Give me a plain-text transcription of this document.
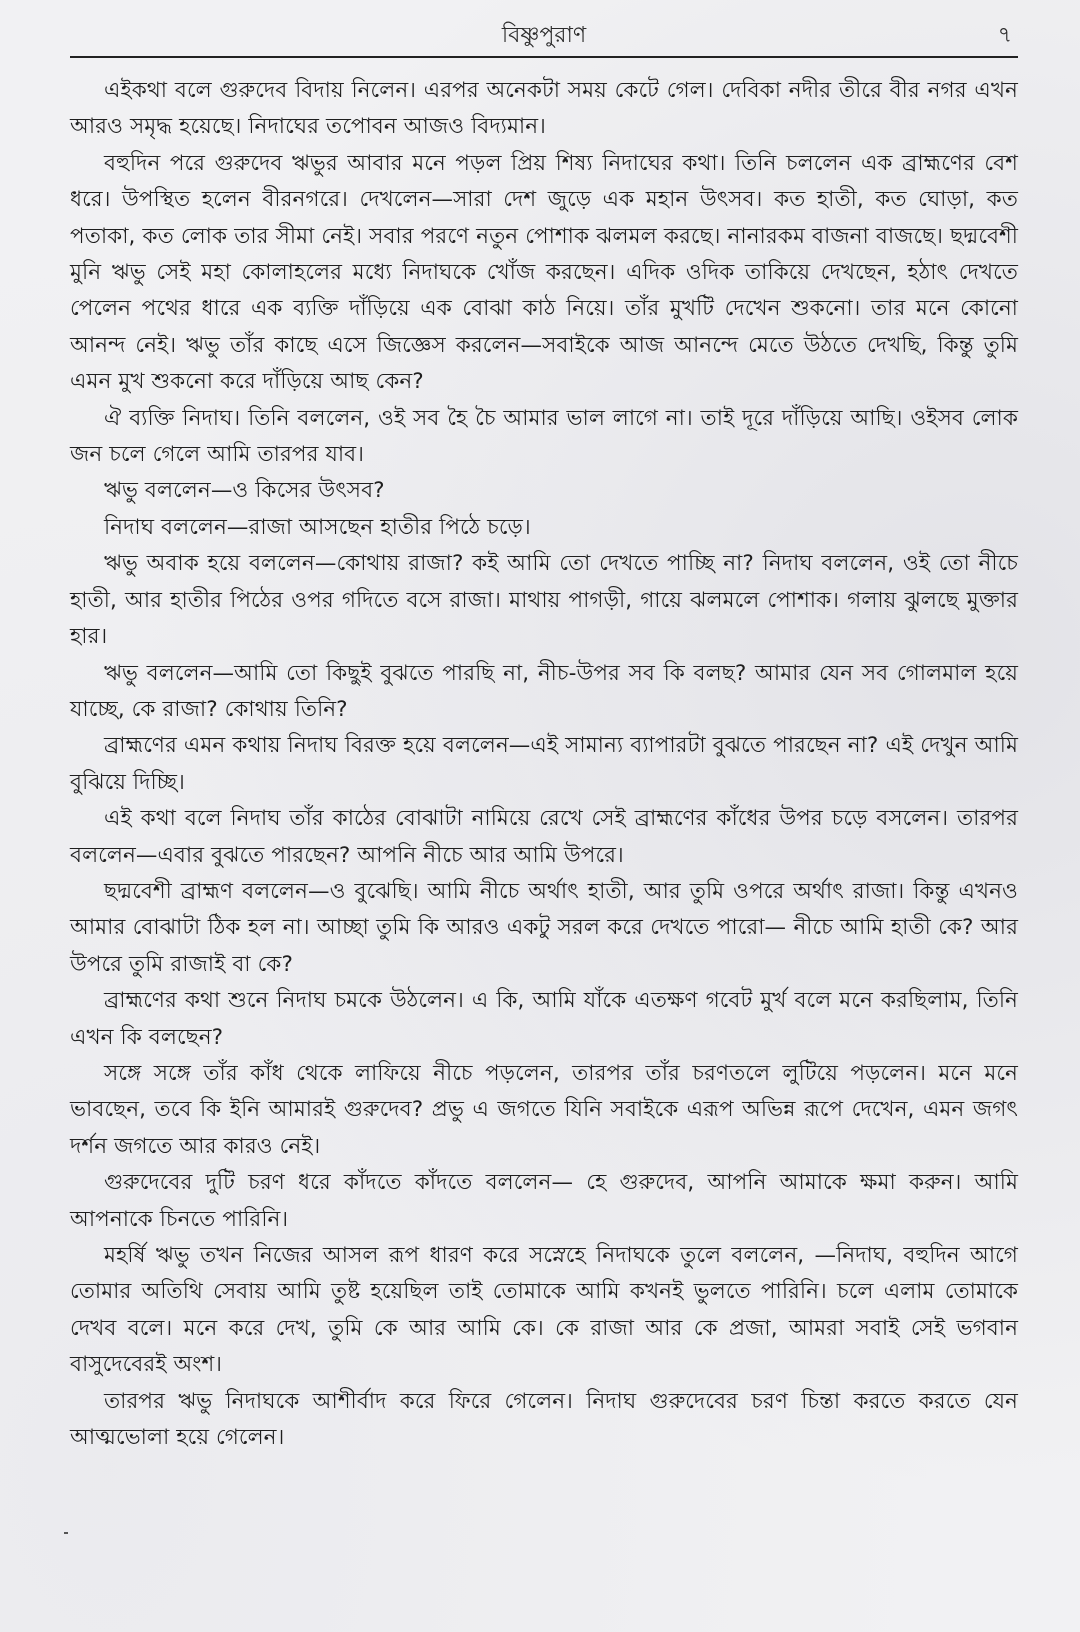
বিষ্ণুপুরাণ	৭

এইকথা বলে গুরুদেব বিদায় নিলেন। এরপর অনেকটা সময় কেটে গেল। দেবিকা নদীর তীরে বীর নগর এখন আরও সমৃদ্ধ হয়েছে। নিদাঘের তপোবন আজও বিদ্যমান।

বহুদিন পরে গুরুদেব ঋভুর আবার মনে পড়ল প্রিয় শিষ্য নিদাঘের কথা। তিনি চললেন এক ব্রাহ্মণের বেশ ধরে। উপস্থিত হলেন বীরনগরে। দেখলেন—সারা দেশ জুড়ে এক মহান উৎসব। কত হাতী, কত ঘোড়া, কত পতাকা, কত লোক তার সীমা নেই। সবার পরণে নতুন পোশাক ঝলমল করছে। নানারকম বাজনা বাজছে। ছদ্মবেশী মুনি ঋভু সেই মহা কোলাহলের মধ্যে নিদাঘকে খোঁজ করছেন। এদিক ওদিক তাকিয়ে দেখছেন, হঠাৎ দেখতে পেলেন পথের ধারে এক ব্যক্তি দাঁড়িয়ে এক বোঝা কাঠ নিয়ে। তাঁর মুখটি দেখেন শুকনো। তার মনে কোনো আনন্দ নেই। ঋভু তাঁর কাছে এসে জিজ্ঞেস করলেন—সবাইকে আজ আনন্দে মেতে উঠতে দেখছি, কিন্তু তুমি এমন মুখ শুকনো করে দাঁড়িয়ে আছ কেন?

ঐ ব্যক্তি নিদাঘ। তিনি বললেন, ওই সব হৈ চৈ আমার ভাল লাগে না। তাই দূরে দাঁড়িয়ে আছি। ওইসব লোক জন চলে গেলে আমি তারপর যাব।

ঋভু বললেন—ও কিসের উৎসব?

নিদাঘ বললেন—রাজা আসছেন হাতীর পিঠে চড়ে।

ঋভু অবাক হয়ে বললেন—কোথায় রাজা? কই আমি তো দেখতে পাচ্ছি না? নিদাঘ বললেন, ওই তো নীচে হাতী, আর হাতীর পিঠের ওপর গদিতে বসে রাজা। মাথায় পাগড়ী, গায়ে ঝলমলে পোশাক। গলায় ঝুলছে মুক্তার হার।

ঋভু বললেন—আমি তো কিছুই বুঝতে পারছি না, নীচ-উপর সব কি বলছ? আমার যেন সব গোলমাল হয়ে যাচ্ছে, কে রাজা? কোথায় তিনি?

ব্রাহ্মণের এমন কথায় নিদাঘ বিরক্ত হয়ে বললেন—এই সামান্য ব্যাপারটা বুঝতে পারছেন না? এই দেখুন আমি বুঝিয়ে দিচ্ছি।

এই কথা বলে নিদাঘ তাঁর কাঠের বোঝাটা নামিয়ে রেখে সেই ব্রাহ্মণের কাঁধের উপর চড়ে বসলেন। তারপর বললেন—এবার বুঝতে পারছেন? আপনি নীচে আর আমি উপরে।

ছদ্মবেশী ব্রাহ্মণ বললেন—ও বুঝেছি। আমি নীচে অর্থাৎ হাতী, আর তুমি ওপরে অর্থাৎ রাজা। কিন্তু এখনও আমার বোঝাটা ঠিক হল না। আচ্ছা তুমি কি আরও একটু সরল করে দেখতে পারো— নীচে আমি হাতী কে? আর উপরে তুমি রাজাই বা কে?

ব্রাহ্মণের কথা শুনে নিদাঘ চমকে উঠলেন। এ কি, আমি যাঁকে এতক্ষণ গবেট মুর্খ বলে মনে করছিলাম, তিনি এখন কি বলছেন?

সঙ্গে সঙ্গে তাঁর কাঁধ থেকে লাফিয়ে নীচে পড়লেন, তারপর তাঁর চরণতলে লুটিয়ে পড়লেন। মনে মনে ভাবছেন, তবে কি ইনি আমারই গুরুদেব? প্রভু এ জগতে যিনি সবাইকে এরূপ অভিন্ন রূপে দেখেন, এমন জগৎ দর্শন জগতে আর কারও নেই।

গুরুদেবের দুটি চরণ ধরে কাঁদতে কাঁদতে বললেন— হে গুরুদেব, আপনি আমাকে ক্ষমা করুন। আমি আপনাকে চিনতে পারিনি।

মহর্ষি ঋভু তখন নিজের আসল রূপ ধারণ করে সস্নেহে নিদাঘকে তুলে বললেন, —নিদাঘ, বহুদিন আগে তোমার অতিথি সেবায় আমি তুষ্ট হয়েছিল তাই তোমাকে আমি কখনই ভুলতে পারিনি। চলে এলাম তোমাকে দেখব বলে। মনে করে দেখ, তুমি কে আর আমি কে। কে রাজা আর কে প্রজা, আমরা সবাই সেই ভগবান বাসুদেবেরই অংশ।

তারপর ঋভু নিদাঘকে আশীর্বাদ করে ফিরে গেলেন। নিদাঘ গুরুদেবের চরণ চিন্তা করতে করতে যেন আত্মভোলা হয়ে গেলেন।
